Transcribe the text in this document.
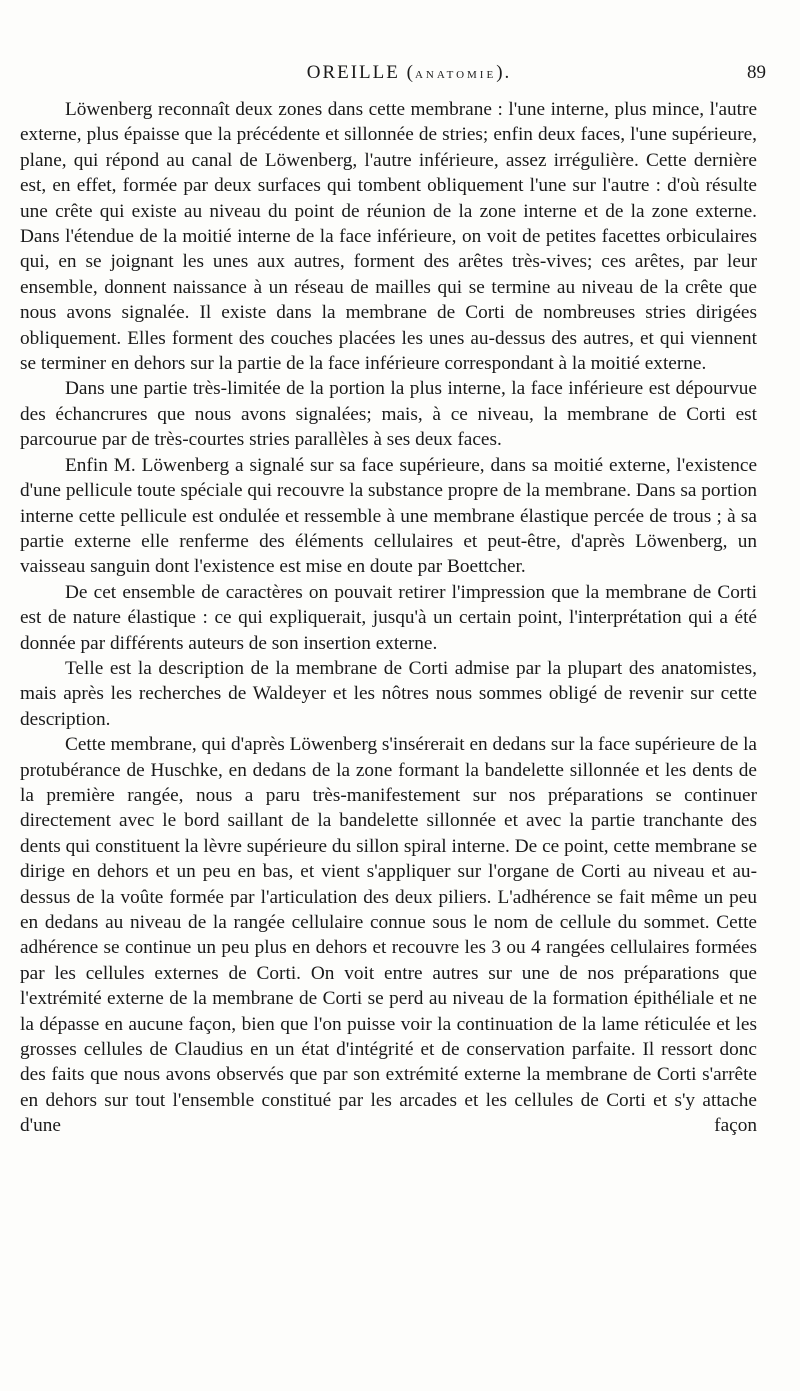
OREILLE (ANATOMIE).	89

Löwenberg reconnaît deux zones dans cette membrane : l'une interne, plus mince, l'autre externe, plus épaisse que la précédente et sillonnée de stries; enfin deux faces, l'une supérieure, plane, qui répond au canal de Löwenberg, l'autre inférieure, assez irrégulière. Cette dernière est, en effet, formée par deux surfaces qui tombent obliquement l'une sur l'autre : d'où résulte une crête qui existe au niveau du point de réunion de la zone interne et de la zone externe. Dans l'étendue de la moitié interne de la face inférieure, on voit de petites facettes orbiculaires qui, en se joignant les unes aux autres, forment des arêtes très-vives; ces arêtes, par leur ensemble, donnent naissance à un réseau de mailles qui se termine au niveau de la crête que nous avons signalée. Il existe dans la membrane de Corti de nombreuses stries dirigées obliquement. Elles forment des couches placées les unes au-dessus des autres, et qui viennent se terminer en dehors sur la partie de la face inférieure correspondant à la moitié externe.

Dans une partie très-limitée de la portion la plus interne, la face inférieure est dépourvue des échancrures que nous avons signalées; mais, à ce niveau, la membrane de Corti est parcourue par de très-courtes stries parallèles à ses deux faces.

Enfin M. Löwenberg a signalé sur sa face supérieure, dans sa moitié externe, l'existence d'une pellicule toute spéciale qui recouvre la substance propre de la membrane. Dans sa portion interne cette pellicule est ondulée et ressemble à une membrane élastique percée de trous ; à sa partie externe elle renferme des éléments cellulaires et peut-être, d'après Löwenberg, un vaisseau sanguin dont l'existence est mise en doute par Boettcher.

De cet ensemble de caractères on pouvait retirer l'impression que la membrane de Corti est de nature élastique : ce qui expliquerait, jusqu'à un certain point, l'interprétation qui a été donnée par différents auteurs de son insertion externe.

Telle est la description de la membrane de Corti admise par la plupart des anatomistes, mais après les recherches de Waldeyer et les nôtres nous sommes obligé de revenir sur cette description.

Cette membrane, qui d'après Löwenberg s'insérerait en dedans sur la face supérieure de la protubérance de Huschke, en dedans de la zone formant la bandelette sillonnée et les dents de la première rangée, nous a paru très-manifestement sur nos préparations se continuer directement avec le bord saillant de la bandelette sillonnée et avec la partie tranchante des dents qui constituent la lèvre supérieure du sillon spiral interne. De ce point, cette membrane se dirige en dehors et un peu en bas, et vient s'appliquer sur l'organe de Corti au niveau et au-dessus de la voûte formée par l'articulation des deux piliers. L'adhérence se fait même un peu en dedans au niveau de la rangée cellulaire connue sous le nom de cellule du sommet. Cette adhérence se continue un peu plus en dehors et recouvre les 3 ou 4 rangées cellulaires formées par les cellules externes de Corti. On voit entre autres sur une de nos préparations que l'extrémité externe de la membrane de Corti se perd au niveau de la formation épithéliale et ne la dépasse en aucune façon, bien que l'on puisse voir la continuation de la lame réticulée et les grosses cellules de Claudius en un état d'intégrité et de conservation parfaite. Il ressort donc des faits que nous avons observés que par son extrémité externe la membrane de Corti s'arrête en dehors sur tout l'ensemble constitué par les arcades et les cellules de Corti et s'y attache d'une façon
